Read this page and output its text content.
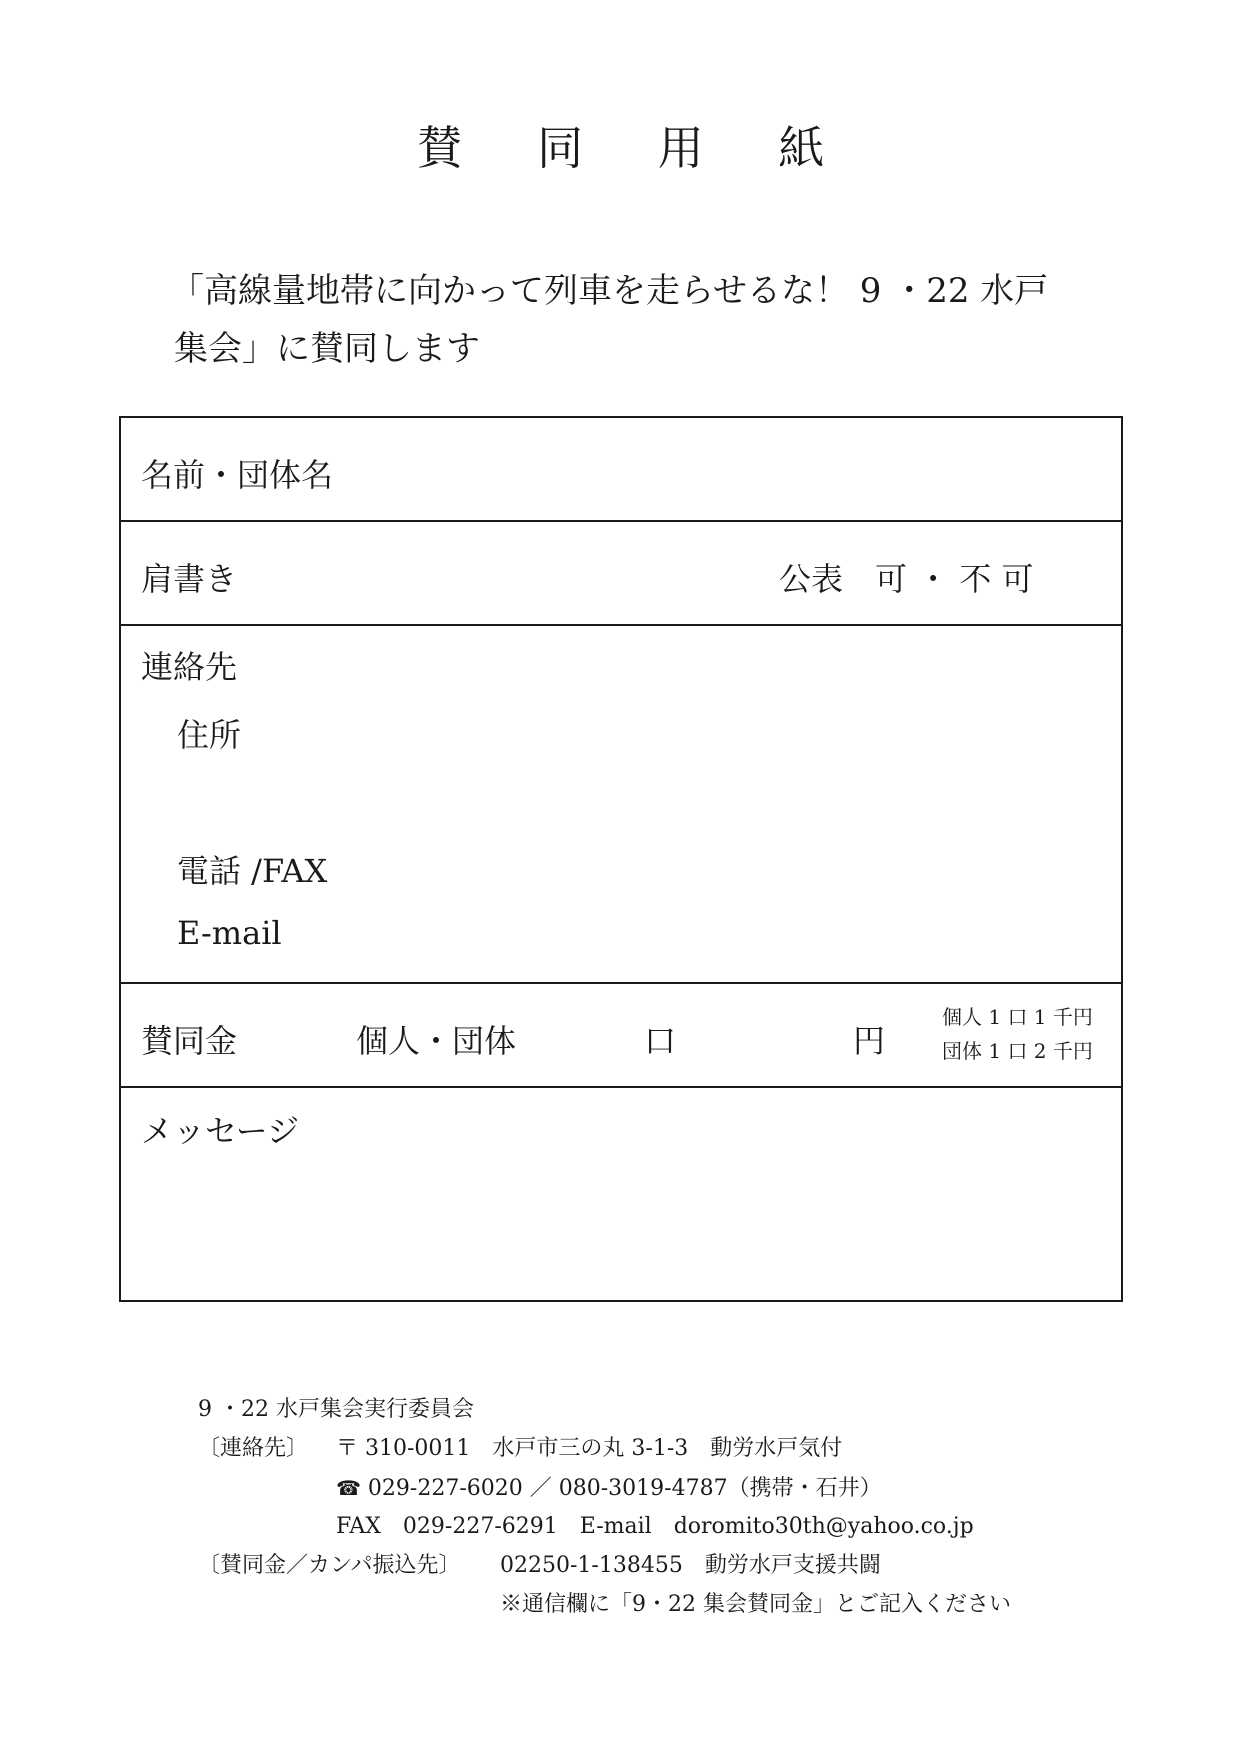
賛 同 用 紙
「高線量地帯に向かって列車を走らせるな！ 9 ・22 水戸
集会」に賛同します
名前・団体名
肩書き	公表　可 ・ 不 可
連絡先
住所
電話 /FAX
E-mail
賛同金	個人・団体	口	円
個人 1 口 1 千円
団体 1 口 2 千円
メッセージ
9 ・22 水戸集会実行委員会
〔連絡先〕 〒 310-0011　水戸市三の丸 3-1-3　動労水戸気付
☎ 029-227-6020 ／ 080-3019-4787（携帯・石井）
FAX　029-227-6291　E-mail　doromito30th@yahoo.co.jp
〔賛同金／カンパ振込先〕 02250-1-138455　動労水戸支援共闘
※通信欄に「9・22 集会賛同金」とご記入ください
